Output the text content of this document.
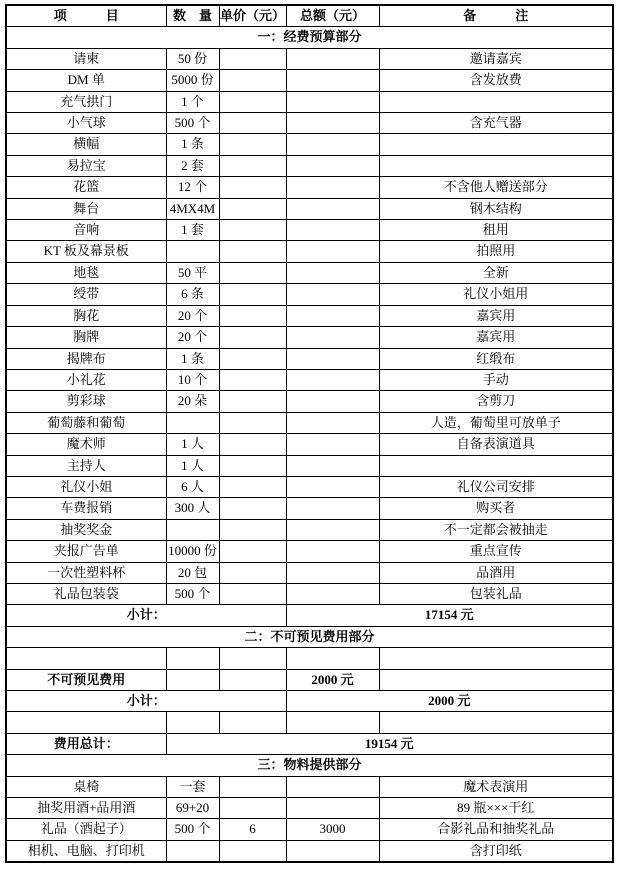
项　　　目	数　量	单价（元）	总额（元）	备　　　注
一：经费预算部分				
请柬	50 份			邀请嘉宾
DM 单	5000 份			含发放费
充气拱门	1 个			
小气球	500 个			含充气器
横幅	1 条			
易拉宝	2 套			
花篮	12 个			不含他人赠送部分
舞台	4MX4M			钢木结构
音响	1 套			租用
KT 板及幕景板				拍照用
地毯	50 平			全新
绶带	6 条			礼仪小姐用
胸花	20 个			嘉宾用
胸牌	20 个			嘉宾用
揭牌布	1 条			红缎布
小礼花	10 个			手动
剪彩球	20 朵			含剪刀
葡萄藤和葡萄				人造，葡萄里可放单子
魔术师	1 人			自备表演道具
主持人	1 人			
礼仪小姐	6 人			礼仪公司安排
车费报销	300 人			购买者
抽奖奖金				不一定都会被抽走
夹报广告单	10000 份			重点宣传
一次性塑料杯	20 包			品酒用
礼品包装袋	500 个			包装礼品
小计：			17154 元	
二：不可预见费用部分				

不可预见费用			2000 元	
小计：			2000 元	

费用总计：	19154 元			
三：物料提供部分				
桌椅	一套			魔术表演用
抽奖用酒+品用酒	69+20			89 瓶×××干红
礼品（酒起子）	500 个	6	3000	合影礼品和抽奖礼品
相机、电脑、打印机				含打印纸
